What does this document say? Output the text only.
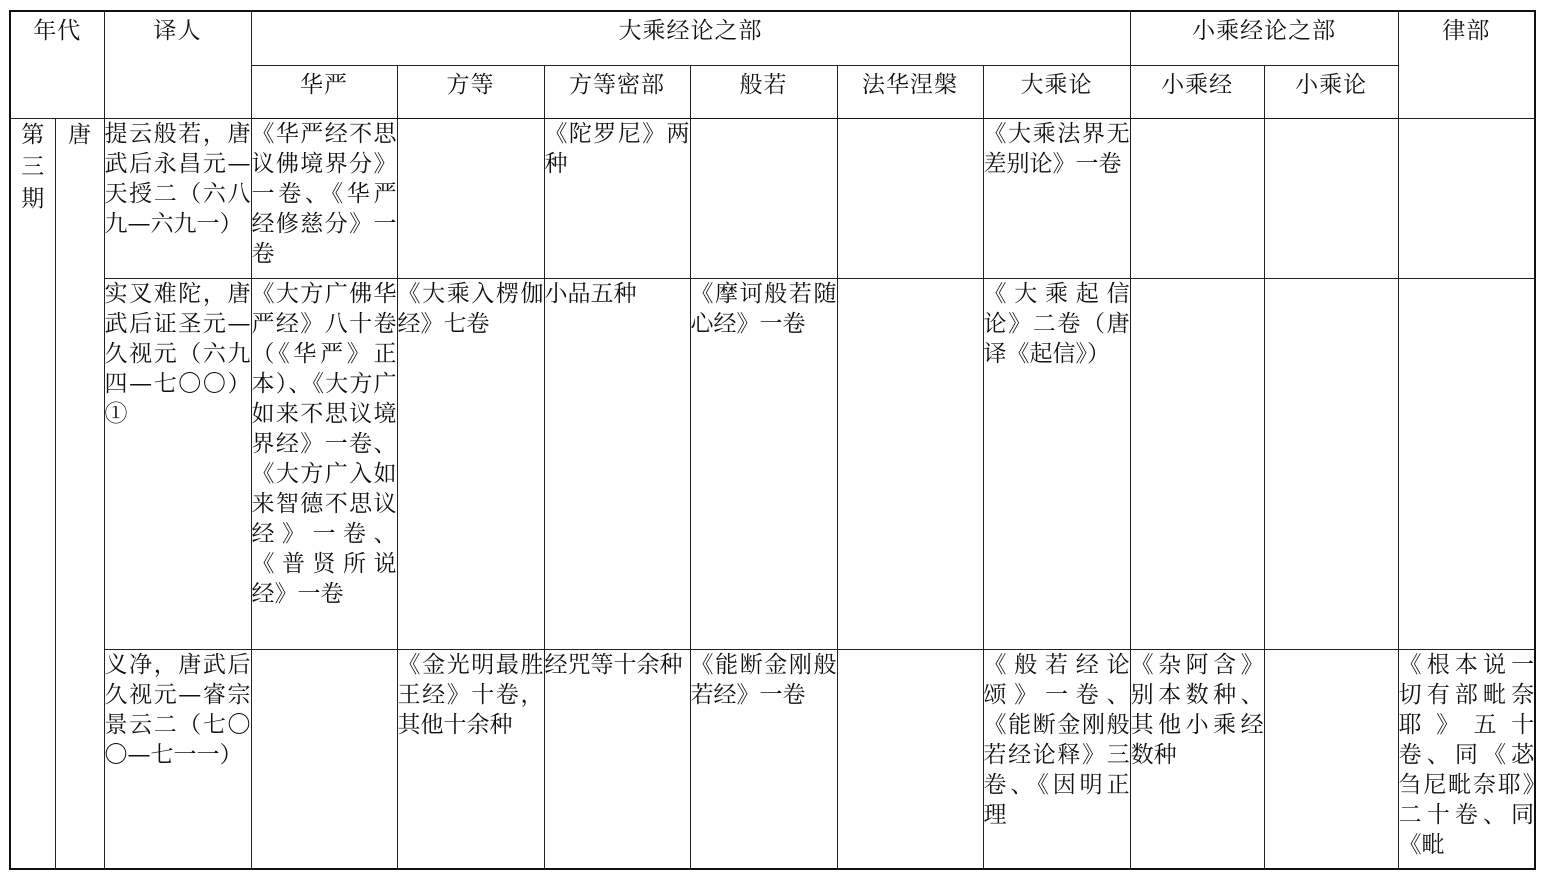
年代		译人	大乘经论之部						小乘经论之部		律部
			华严	方等	方等密部	般若	法华涅槃	大乘论	小乘经	小乘论	
第三期	唐	提云般若，唐武后永昌元—天授二（六八九—六九一）	《华严经不思议佛境界分》一卷、《华严经修慈分》一卷		《陀罗尼》两种			《大乘法界无差别论》一卷			
		实叉难陀，唐武后证圣元—久视元（六九四—七〇〇）①	《大方广佛华严经》八十卷（《华严》正本）、《大方广如来不思议境界经》一卷、《大方广入如来智德不思议经》一卷、《普贤所说经》一卷	《大乘入楞伽经》七卷	小品五种	《摩诃般若随心经》一卷		《大乘起信论》二卷（唐译《起信》）			
		义净，唐武后久视元—睿宗景云二（七〇〇—七一一）		《金光明最胜王经》十卷，其他十余种	经咒等十余种	《能断金刚般若经》一卷		《般若经论颂》一卷、《能断金刚般若经论释》三卷、《因明正理	《杂阿含》别本数种、其他小乘经数种		《根本说一切有部毗奈耶》五十卷、同《苾刍尼毗奈耶》二十卷、同《毗
